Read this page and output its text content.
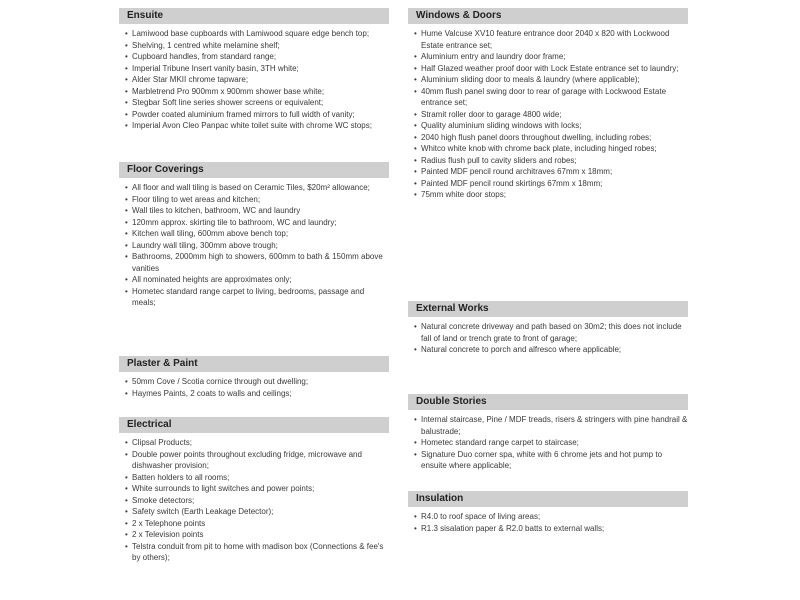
Ensuite
• Lamiwood base cupboards with Lamiwood square edge bench top;
• Shelving, 1 centred white melamine shelf;
• Cupboard handles, from standard range;
• Imperial Tribune Insert vanity basin, 3TH white;
• Alder Star MKII chrome tapware;
• Marbletrend Pro 900mm x 900mm shower base white;
• Stegbar Soft line series shower screens or equivalent;
• Powder coated aluminium framed mirrors to full width of vanity;
• Imperial Avon Cleo Panpac white toilet suite with chrome WC stops;
Floor Coverings
• All floor and wall tiling is based on Ceramic Tiles, $20m² allowance;
• Floor tiling to wet areas and kitchen;
• Wall tiles to kitchen, bathroom, WC and laundry
• 120mm approx. skirting tile to bathroom, WC and laundry;
• Kitchen wall tiling, 600mm above bench top;
• Laundry wall tiling, 300mm above trough;
• Bathrooms, 2000mm high to showers, 600mm to bath & 150mm above vanities
• All nominated heights are approximates only;
• Hometec standard range carpet to living, bedrooms, passage and meals;
Plaster & Paint
• 50mm Cove / Scotia cornice through out dwelling;
• Haymes Paints, 2 coats to walls and ceilings;
Electrical
• Clipsal Products;
• Double power points throughout excluding fridge, microwave and dishwasher provision;
• Batten holders to all rooms;
• White surrounds to light switches and power points;
• Smoke detectors;
• Safety switch (Earth Leakage Detector);
• 2 x Telephone points
• 2 x Television points
• Telstra conduit from pit to home with madison box (Connections & fee's by others);
Windows & Doors
• Hume Valcuse XV10 feature entrance door 2040 x 820 with Lockwood Estate entrance set;
• Aluminium entry and laundry door frame;
• Half Glazed weather proof door with Lock Estate entrance set to laundry;
• Aluminium sliding door to meals & laundry (where applicable);
• 40mm flush panel swing door to rear of garage with Lockwood Estate entrance set;
• Stramit roller door to garage 4800 wide;
• Quality aluminium sliding windows with locks;
• 2040 high flush panel doors throughout dwelling, including robes;
• Whitco white knob with chrome back plate, including hinged robes;
• Radius flush pull to cavity sliders and robes;
• Painted MDF pencil round architraves 67mm x 18mm;
• Painted MDF pencil round skirtings 67mm x 18mm;
• 75mm white door stops;
External Works
• Natural concrete driveway and path based on 30m2; this does not include fall of land or trench grate to front of garage;
• Natural concrete to porch and alfresco where applicable;
Double Stories
• Internal staircase, Pine / MDF treads, risers & stringers with pine handrail & balustrade;
• Hometec standard range carpet to staircase;
• Signature Duo corner spa, white with 6 chrome jets and hot pump to ensuite where applicable;
Insulation
• R4.0 to roof space of living areas;
• R1.3 sisalation paper & R2.0 batts to external walls;
